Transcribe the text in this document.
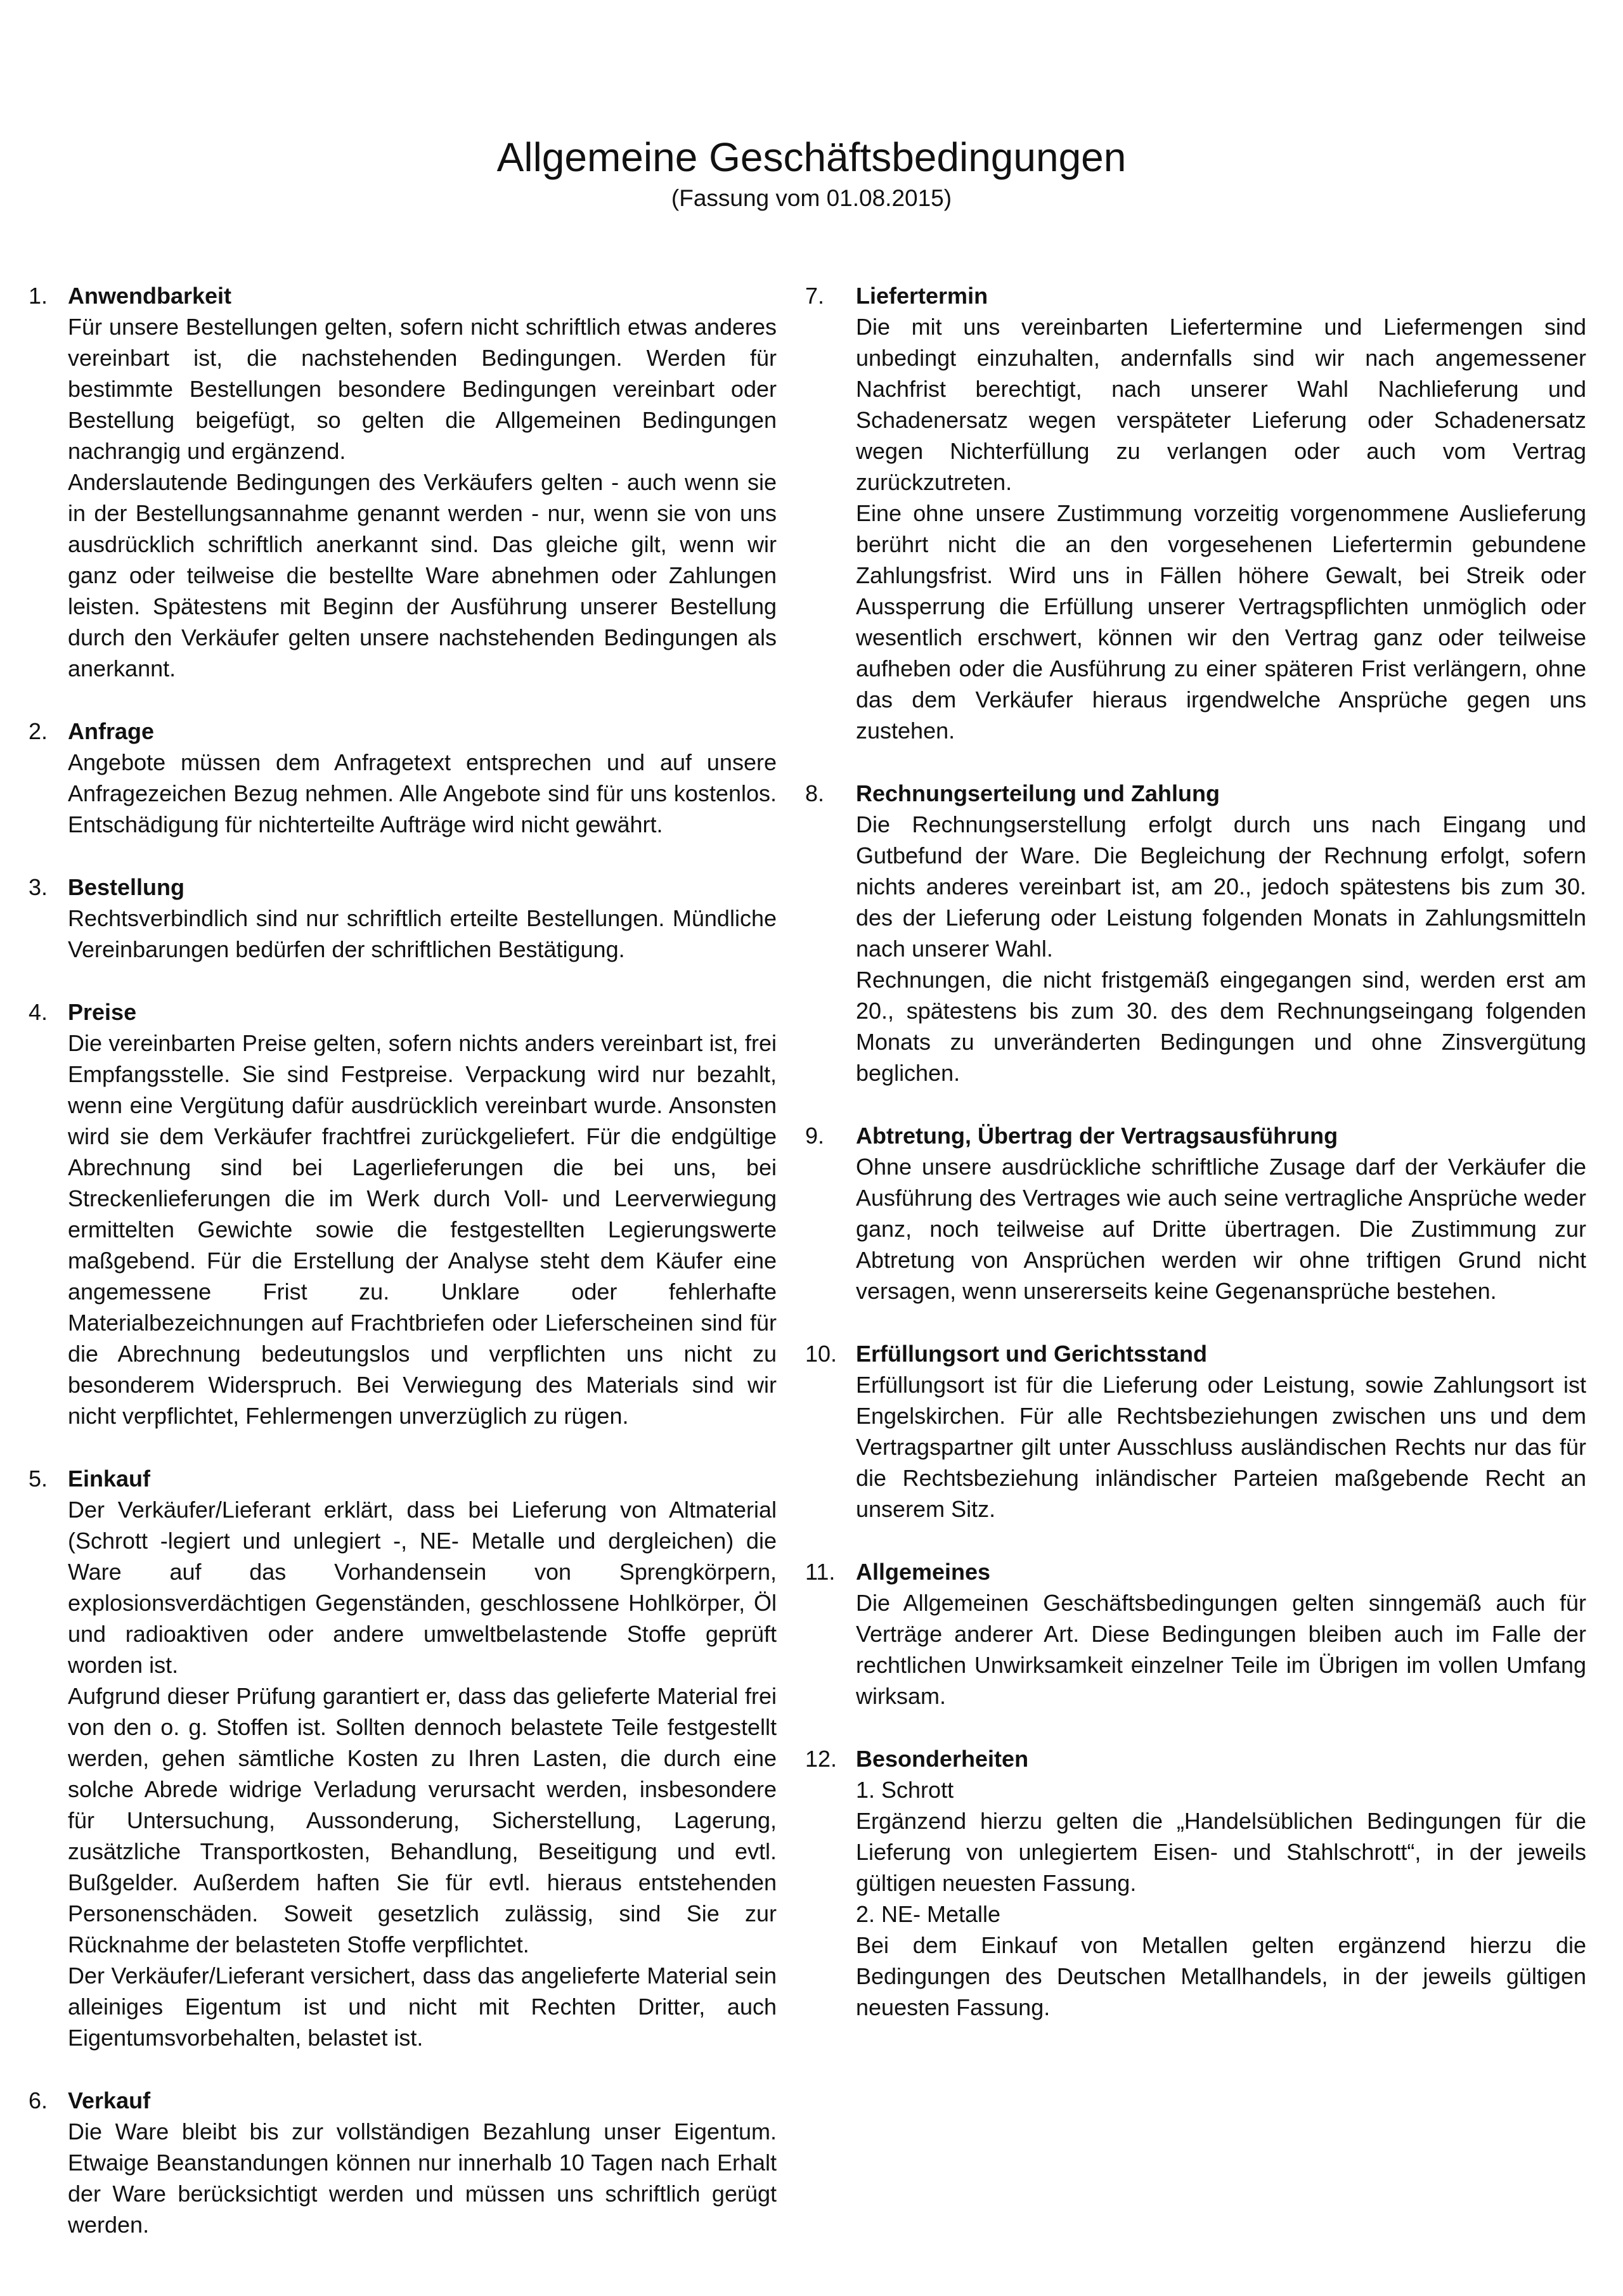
Allgemeine Geschäftsbedingungen
(Fassung vom 01.08.2015)
1. Anwendbarkeit
Für unsere Bestellungen gelten, sofern nicht schriftlich etwas anderes vereinbart ist, die nachstehenden Bedingungen. Werden für bestimmte Bestellungen besondere Bedingungen vereinbart oder Bestellung beigefügt, so gelten die Allgemeinen Bedingungen nachrangig und ergänzend.
Anderslautende Bedingungen des Verkäufers gelten - auch wenn sie in der Bestellungsannahme genannt werden - nur, wenn sie von uns ausdrücklich schriftlich anerkannt sind. Das gleiche gilt, wenn wir ganz oder teilweise die bestellte Ware abnehmen oder Zahlungen leisten. Spätestens mit Beginn der Ausführung unserer Bestellung durch den Verkäufer gelten unsere nachstehenden Bedingungen als anerkannt.
2. Anfrage
Angebote müssen dem Anfragetext entsprechen und auf unsere Anfragezeichen Bezug nehmen. Alle Angebote sind für uns kostenlos. Entschädigung für nichterteilte Aufträge wird nicht gewährt.
3. Bestellung
Rechtsverbindlich sind nur schriftlich erteilte Bestellungen. Mündliche Vereinbarungen bedürfen der schriftlichen Bestätigung.
4. Preise
Die vereinbarten Preise gelten, sofern nichts anders vereinbart ist, frei Empfangsstelle. Sie sind Festpreise. Verpackung wird nur bezahlt, wenn eine Vergütung dafür ausdrücklich vereinbart wurde. Ansonsten wird sie dem Verkäufer frachtfrei zurückgeliefert. Für die endgültige Abrechnung sind bei Lagerlieferungen die bei uns, bei Streckenlieferungen die im Werk durch Voll- und Leerverwiegung ermittelten Gewichte sowie die festgestellten Legierungswerte maßgebend. Für die Erstellung der Analyse steht dem Käufer eine angemessene Frist zu. Unklare oder fehlerhafte Materialbezeichnungen auf Frachtbriefen oder Lieferscheinen sind für die Abrechnung bedeutungslos und verpflichten uns nicht zu besonderem Widerspruch. Bei Verwiegung des Materials sind wir nicht verpflichtet, Fehlermengen unverzüglich zu rügen.
5. Einkauf
Der Verkäufer/Lieferant erklärt, dass bei Lieferung von Altmaterial (Schrott -legiert und unlegiert -, NE- Metalle und dergleichen) die Ware auf das Vorhandensein von Sprengkörpern, explosionsverdächtigen Gegenständen, geschlossene Hohlkörper, Öl und radioaktiven oder andere umweltbelastende Stoffe geprüft worden ist.
Aufgrund dieser Prüfung garantiert er, dass das gelieferte Material frei von den o. g. Stoffen ist. Sollten dennoch belastete Teile festgestellt werden, gehen sämtliche Kosten zu Ihren Lasten, die durch eine solche Abrede widrige Verladung verursacht werden, insbesondere für Untersuchung, Aussonderung, Sicherstellung, Lagerung, zusätzliche Transportkosten, Behandlung, Beseitigung und evtl. Bußgelder. Außerdem haften Sie für evtl. hieraus entstehenden Personenschäden. Soweit gesetzlich zulässig, sind Sie zur Rücknahme der belasteten Stoffe verpflichtet.
Der Verkäufer/Lieferant versichert, dass das angelieferte Material sein alleiniges Eigentum ist und nicht mit Rechten Dritter, auch Eigentumsvorbehalten, belastet ist.
6. Verkauf
Die Ware bleibt bis zur vollständigen Bezahlung unser Eigentum. Etwaige Beanstandungen können nur innerhalb 10 Tagen nach Erhalt der Ware berücksichtigt werden und müssen uns schriftlich gerügt werden.
7. Liefertermin
Die mit uns vereinbarten Liefertermine und Liefermengen sind unbedingt einzuhalten, andernfalls sind wir nach angemessener Nachfrist berechtigt, nach unserer Wahl Nachlieferung und Schadenersatz wegen verspäteter Lieferung oder Schadenersatz wegen Nichterfüllung zu verlangen oder auch vom Vertrag zurückzutreten.
Eine ohne unsere Zustimmung vorzeitig vorgenommene Auslieferung berührt nicht die an den vorgesehenen Liefertermin gebundene Zahlungsfrist. Wird uns in Fällen höhere Gewalt, bei Streik oder Aussperrung die Erfüllung unserer Vertragspflichten unmöglich oder wesentlich erschwert, können wir den Vertrag ganz oder teilweise aufheben oder die Ausführung zu einer späteren Frist verlängern, ohne das dem Verkäufer hieraus irgendwelche Ansprüche gegen uns zustehen.
8. Rechnungserteilung und Zahlung
Die Rechnungserstellung erfolgt durch uns nach Eingang und Gutbefund der Ware. Die Begleichung der Rechnung erfolgt, sofern nichts anderes vereinbart ist, am 20., jedoch spätestens bis zum 30. des der Lieferung oder Leistung folgenden Monats in Zahlungsmitteln nach unserer Wahl.
Rechnungen, die nicht fristgemäß eingegangen sind, werden erst am 20., spätestens bis zum 30. des dem Rechnungseingang folgenden Monats zu unveränderten Bedingungen und ohne Zinsvergütung beglichen.
9. Abtretung, Übertrag der Vertragsausführung
Ohne unsere ausdrückliche schriftliche Zusage darf der Verkäufer die Ausführung des Vertrages wie auch seine vertragliche Ansprüche weder ganz, noch teilweise auf Dritte übertragen. Die Zustimmung zur Abtretung von Ansprüchen werden wir ohne triftigen Grund nicht versagen, wenn unsererseits keine Gegenansprüche bestehen.
10. Erfüllungsort und Gerichtsstand
Erfüllungsort ist für die Lieferung oder Leistung, sowie Zahlungsort ist Engelskirchen. Für alle Rechtsbeziehungen zwischen uns und dem Vertragspartner gilt unter Ausschluss ausländischen Rechts nur das für die Rechtsbeziehung inländischer Parteien maßgebende Recht an unserem Sitz.
11. Allgemeines
Die Allgemeinen Geschäftsbedingungen gelten sinngemäß auch für Verträge anderer Art. Diese Bedingungen bleiben auch im Falle der rechtlichen Unwirksamkeit einzelner Teile im Übrigen im vollen Umfang wirksam.
12. Besonderheiten
1. Schrott
Ergänzend hierzu gelten die „Handelsüblichen Bedingungen für die Lieferung von unlegiertem Eisen- und Stahlschrott“, in der jeweils gültigen neuesten Fassung.
2. NE- Metalle
Bei dem Einkauf von Metallen gelten ergänzend hierzu die Bedingungen des Deutschen Metallhandels, in der jeweils gültigen neuesten Fassung.
